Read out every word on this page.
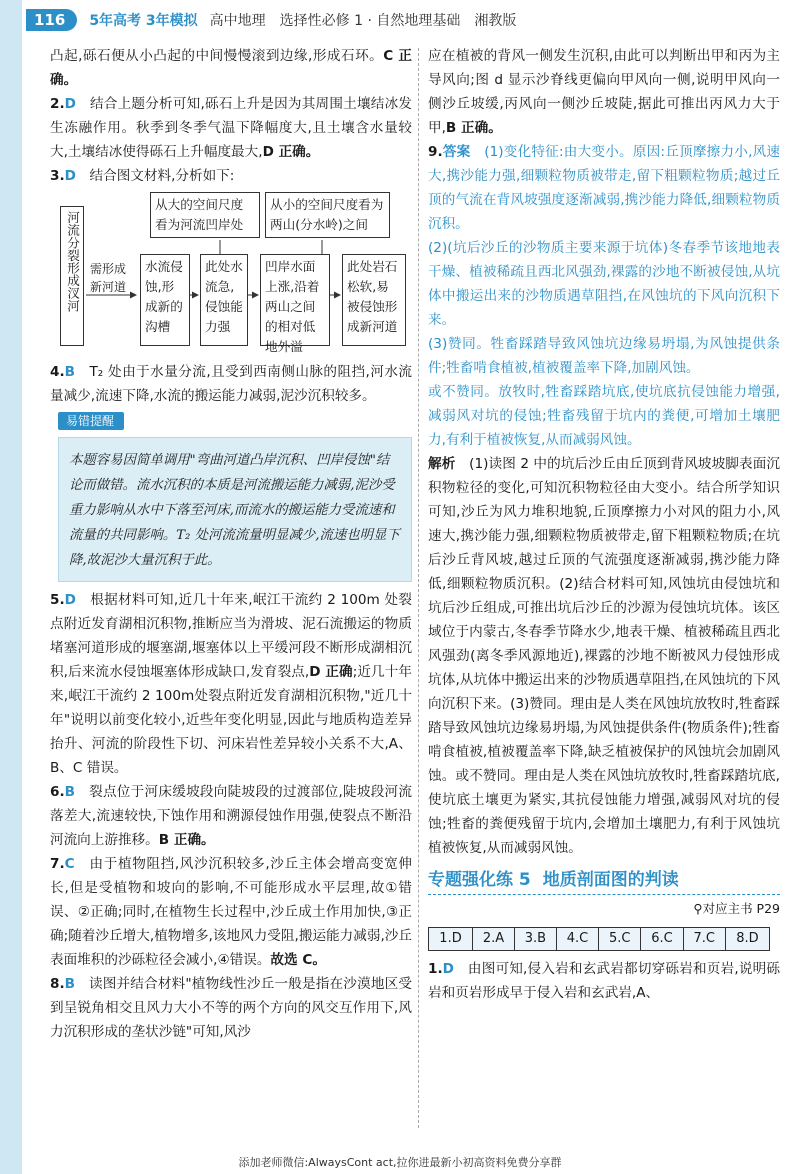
116	5年高考 3年模拟 高中地理　选择性必修 1 · 自然地理基础　湘教版

凸起,砾石便从小凸起的中间慢慢滚到边缘,形成石环。C 正确。

2.D　 结合上题分析可知,砾石上升是因为其周围土壤结冰发生冻融作用。秋季到冬季气温下降幅度大,且土壤含水量较大,土壤结冰使得砾石上升幅度最大,D 正确。

3.D　 结合图文材料,分析如下:

河流分裂形成汊河 需形成新河道
从大的空间尺度看为河流凹岸处
从小的空间尺度看为两山(分水岭)之间
水流侵蚀,形成新的沟槽
此处水流急,侵蚀能力强
凹岸水面上涨,沿着两山之间的相对低地外溢
此处岩石松软,易被侵蚀形成新河道

4.B　 T₂ 处由于水量分流,且受到西南侧山脉的阻挡,河水流量减少,流速下降,水流的搬运能力减弱,泥沙沉积较多。

易错提醒

本题容易因简单调用"弯曲河道凸岸沉积、凹岸侵蚀"结论而做错。流水沉积的本质是河流搬运能力减弱,泥沙受重力影响从水中下落至河床,而流水的搬运能力受流速和流量的共同影响。T₂ 处河流流量明显减少,流速也明显下降,故泥沙大量沉积于此。

5.D　 根据材料可知,近几十年来,岷江干流约 2 100m 处裂点附近发育湖相沉积物,推断应当为滑坡、泥石流搬运的物质堵塞河道形成的堰塞湖,堰塞体以上平缓河段不断形成湖相沉积,后来流水侵蚀堰塞体形成缺口,发育裂点,D 正确;近几十年来,岷江干流约 2 100m处裂点附近发育湖相沉积物,"近几十年"说明以前变化较小,近些年变化明显,因此与地质构造差异抬升、河流的阶段性下切、河床岩性差异较小关系不大,A、B、C 错误。

6.B　 裂点位于河床缓坡段向陡坡段的过渡部位,陡坡段河流落差大,流速较快,下蚀作用和溯源侵蚀作用强,使裂点不断沿河流向上游推移。B 正确。

7.C　 由于植物阻挡,风沙沉积较多,沙丘主体会增高变宽伸长,但是受植物和坡向的影响,不可能形成水平层理,故①错误、②正确;同时,在植物生长过程中,沙丘成土作用加快,③正确;随着沙丘增大,植物增多,该地风力受阻,搬运能力减弱,沙丘表面堆积的沙砾粒径会减小,④错误。故选 C。

8.B　 读图并结合材料"植物线性沙丘一般是指在沙漠地区受到呈锐角相交且风力大小不等的两个方向的风交互作用下,风力沉积形成的垄状沙链"可知,风沙

应在植被的背风一侧发生沉积,由此可以判断出甲和丙为主导风向;图 d 显示沙脊线更偏向甲风向一侧,说明甲风向一侧沙丘坡缓,丙风向一侧沙丘坡陡,据此可推出丙风力大于甲,B 正确。

9.答案　 (1)变化特征:由大变小。原因:丘顶摩擦力小,风速大,携沙能力强,细颗粒物质被带走,留下粗颗粒物质;越过丘顶的气流在背风坡强度逐渐减弱,携沙能力降低,细颗粒物质沉积。

(2)(坑后沙丘的沙物质主要来源于坑体)冬春季节该地地表干燥、植被稀疏且西北风强劲,裸露的沙地不断被侵蚀,从坑体中搬运出来的沙物质遇草阻挡,在风蚀坑的下风向沉积下来。

(3)赞同。牲畜踩踏导致风蚀坑边缘易坍塌,为风蚀提供条件;牲畜啃食植被,植被覆盖率下降,加剧风蚀。

或不赞同。放牧时,牲畜踩踏坑底,使坑底抗侵蚀能力增强,减弱风对坑的侵蚀;牲畜残留于坑内的粪便,可增加土壤肥力,有利于植被恢复,从而减弱风蚀。

解析　 (1)读图 2 中的坑后沙丘由丘顶到背风坡坡脚表面沉积物粒径的变化,可知沉积物粒径由大变小。结合所学知识可知,沙丘为风力堆积地貌,丘顶摩擦力小对风的阻力小,风速大,携沙能力强,细颗粒物质被带走,留下粗颗粒物质;在坑后沙丘背风坡,越过丘顶的气流强度逐渐减弱,携沙能力降低,细颗粒物质沉积。(2)结合材料可知,风蚀坑由侵蚀坑和坑后沙丘组成,可推出坑后沙丘的沙源为侵蚀坑坑体。该区域位于内蒙古,冬春季节降水少,地表干燥、植被稀疏且西北风强劲(离冬季风源地近),裸露的沙地不断被风力侵蚀形成坑体,从坑体中搬运出来的沙物质遇草阻挡,在风蚀坑的下风向沉积下来。(3)赞同。理由是人类在风蚀坑放牧时,牲畜踩踏导致风蚀坑边缘易坍塌,为风蚀提供条件(物质条件);牲畜啃食植被,植被覆盖率下降,缺乏植被保护的风蚀坑会加剧风蚀。或不赞同。理由是人类在风蚀坑放牧时,牲畜踩踏坑底,使坑底土壤更为紧实,其抗侵蚀能力增强,减弱风对坑的侵蚀;牲畜的粪便残留于坑内,会增加土壤肥力,有利于风蚀坑植被恢复,从而减弱风蚀。

专题强化练 5 地质剖面图的判读
⚲对应主书 P29
1.D	2.A	3.B	4.C	5.C	6.C	7.C	8.D

1.D　 由图可知,侵入岩和玄武岩都切穿砾岩和页岩,说明砾岩和页岩形成早于侵入岩和玄武岩,A、

添加老师微信:AlwaysCont act,拉你进最新小初高资料免费分享群
